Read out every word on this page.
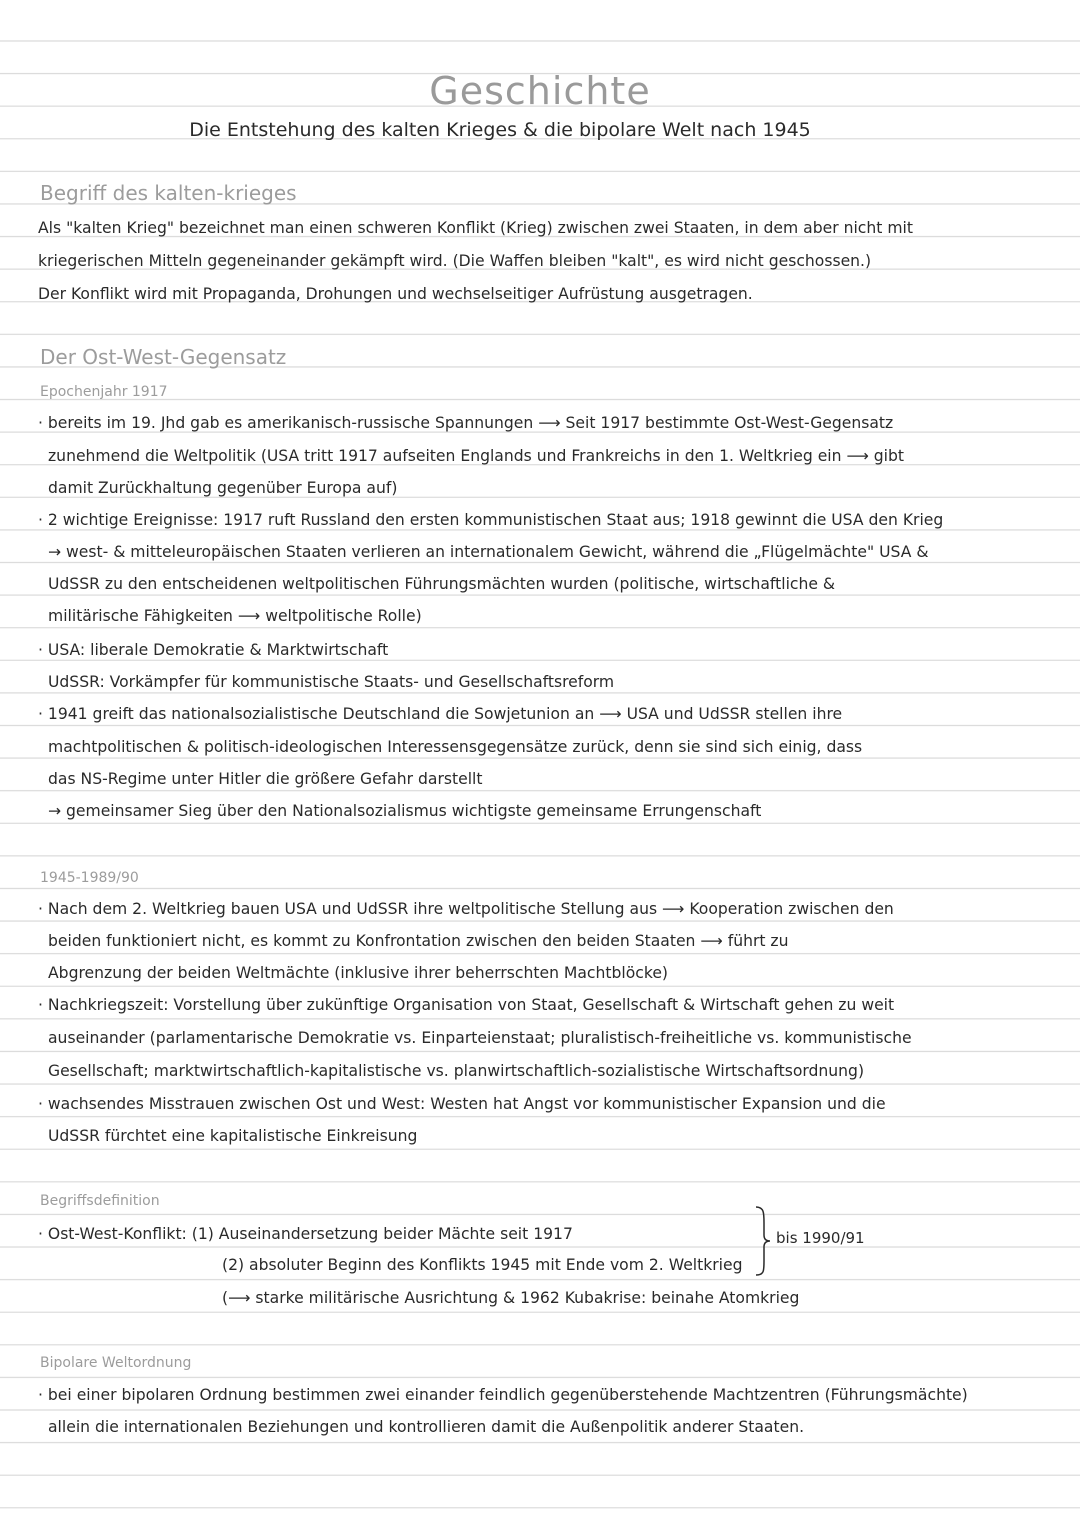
Geschichte
Die Entstehung des kalten Krieges & die bipolare Welt nach 1945
Begriff des kalten-krieges
Als "kalten Krieg" bezeichnet man einen schweren Konflikt (Krieg) zwischen zwei Staaten, in dem aber nicht mit
kriegerischen Mitteln gegeneinander gekämpft wird. (Die Waffen bleiben "kalt", es wird nicht geschossen.)
Der Konflikt wird mit Propaganda, Drohungen und wechselseitiger Aufrüstung ausgetragen.
Der Ost-West-Gegensatz
Epochenjahr 1917
· bereits im 19. Jhd gab es amerikanisch-russische Spannungen ⟶ Seit 1917 bestimmte Ost-West-Gegensatz
zunehmend die Weltpolitik (USA tritt 1917 aufseiten Englands und Frankreichs in den 1. Weltkrieg ein ⟶ gibt
damit Zurückhaltung gegenüber Europa auf)
· 2 wichtige Ereignisse: 1917 ruft Russland den ersten kommunistischen Staat aus; 1918 gewinnt die USA den Krieg
→ west- & mitteleuropäischen Staaten verlieren an internationalem Gewicht, während die „Flügelmächte" USA &
UdSSR zu den entscheidenen weltpolitischen Führungsmächten wurden (politische, wirtschaftliche &
militärische Fähigkeiten ⟶ weltpolitische Rolle)
· USA: liberale Demokratie & Marktwirtschaft
UdSSR: Vorkämpfer für kommunistische Staats- und Gesellschaftsreform
· 1941 greift das nationalsozialistische Deutschland die Sowjetunion an ⟶ USA und UdSSR stellen ihre
machtpolitischen & politisch-ideologischen Interessensgegensätze zurück, denn sie sind sich einig, dass
das NS-Regime unter Hitler die größere Gefahr darstellt
→ gemeinsamer Sieg über den Nationalsozialismus wichtigste gemeinsame Errungenschaft
1945-1989/90
· Nach dem 2. Weltkrieg bauen USA und UdSSR ihre weltpolitische Stellung aus ⟶ Kooperation zwischen den
beiden funktioniert nicht, es kommt zu Konfrontation zwischen den beiden Staaten ⟶ führt zu
Abgrenzung der beiden Weltmächte (inklusive ihrer beherrschten Machtblöcke)
· Nachkriegszeit: Vorstellung über zukünftige Organisation von Staat, Gesellschaft & Wirtschaft gehen zu weit
auseinander (parlamentarische Demokratie vs. Einparteienstaat; pluralistisch-freiheitliche vs. kommunistische
Gesellschaft; marktwirtschaftlich-kapitalistische vs. planwirtschaftlich-sozialistische Wirtschaftsordnung)
· wachsendes Misstrauen zwischen Ost und West: Westen hat Angst vor kommunistischer Expansion und die
UdSSR fürchtet eine kapitalistische Einkreisung
Begriffsdefinition
· Ost-West-Konflikt: (1) Auseinandersetzung beider Mächte seit 1917
(2) absoluter Beginn des Konflikts 1945 mit Ende vom 2. Weltkrieg
(⟶ starke militärische Ausrichtung & 1962 Kubakrise: beinahe Atomkrieg
bis 1990/91
Bipolare Weltordnung
· bei einer bipolaren Ordnung bestimmen zwei einander feindlich gegenüberstehende Machtzentren (Führungsmächte)
allein die internationalen Beziehungen und kontrollieren damit die Außenpolitik anderer Staaten.
